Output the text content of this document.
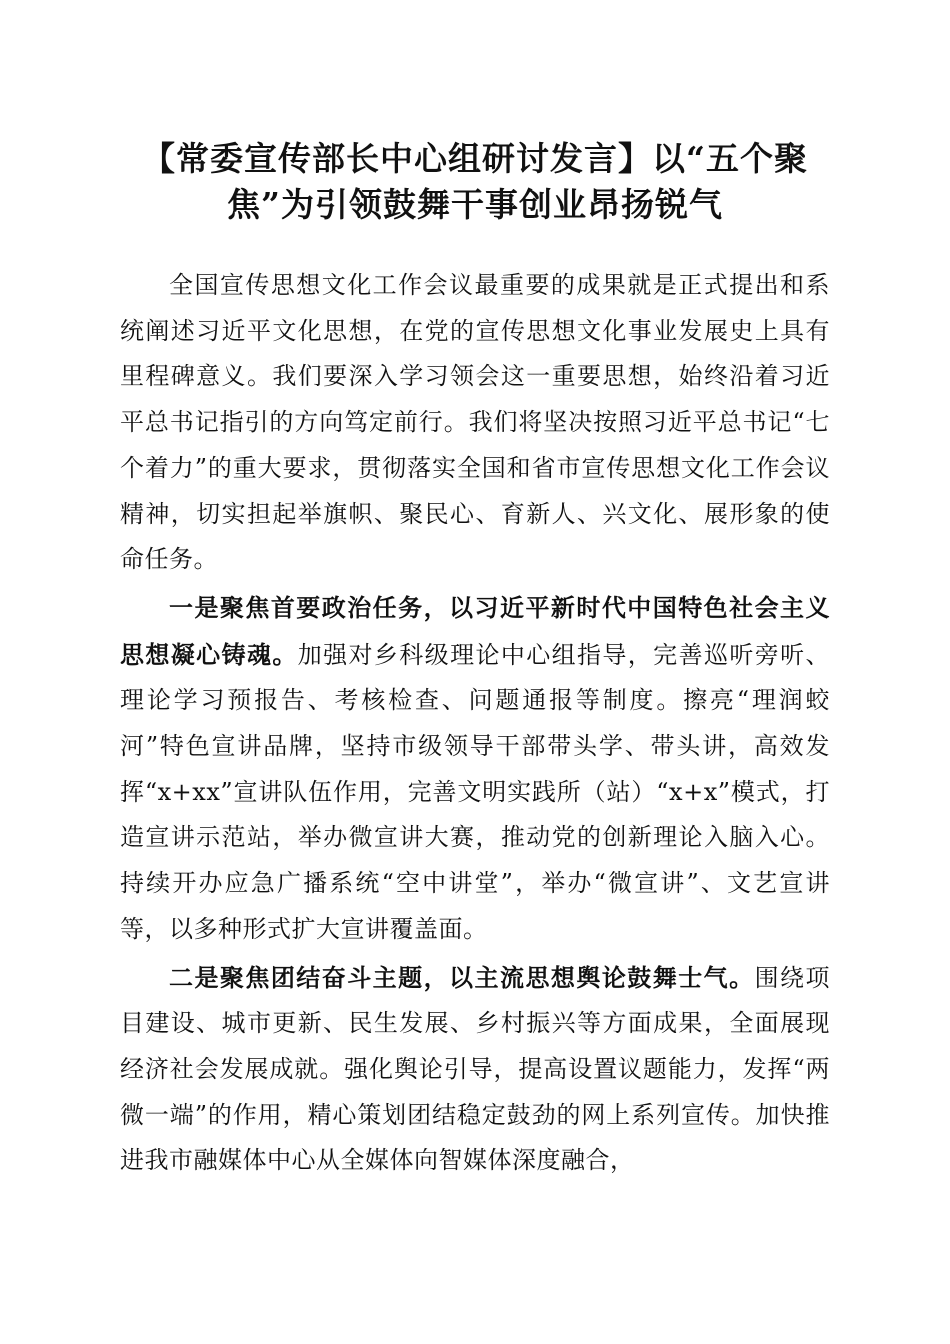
【常委宣传部长中心组研讨发言】以“五个聚焦”为引领鼓舞干事创业昂扬锐气

全国宣传思想文化工作会议最重要的成果就是正式提出和系统阐述习近平文化思想，在党的宣传思想文化事业发展史上具有里程碑意义。我们要深入学习领会这一重要思想，始终沿着习近平总书记指引的方向笃定前行。我们将坚决按照习近平总书记“七个着力”的重大要求，贯彻落实全国和省市宣传思想文化工作会议精神，切实担起举旗帜、聚民心、育新人、兴文化、展形象的使命任务。

一是聚焦首要政治任务，以习近平新时代中国特色社会主义思想凝心铸魂。加强对乡科级理论中心组指导，完善巡听旁听、理论学习预报告、考核检查、问题通报等制度。擦亮“理润蛟河”特色宣讲品牌，坚持市级领导干部带头学、带头讲，高效发挥“x+xx”宣讲队伍作用，完善文明实践所（站）“x+x”模式，打造宣讲示范站，举办微宣讲大赛，推动党的创新理论入脑入心。持续开办应急广播系统“空中讲堂”，举办“微宣讲”、文艺宣讲等，以多种形式扩大宣讲覆盖面。

二是聚焦团结奋斗主题，以主流思想舆论鼓舞士气。围绕项目建设、城市更新、民生发展、乡村振兴等方面成果，全面展现经济社会发展成就。强化舆论引导，提高设置议题能力，发挥“两微一端”的作用，精心策划团结稳定鼓劲的网上系列宣传。加快推进我市融媒体中心从全媒体向智媒体深度融合，
